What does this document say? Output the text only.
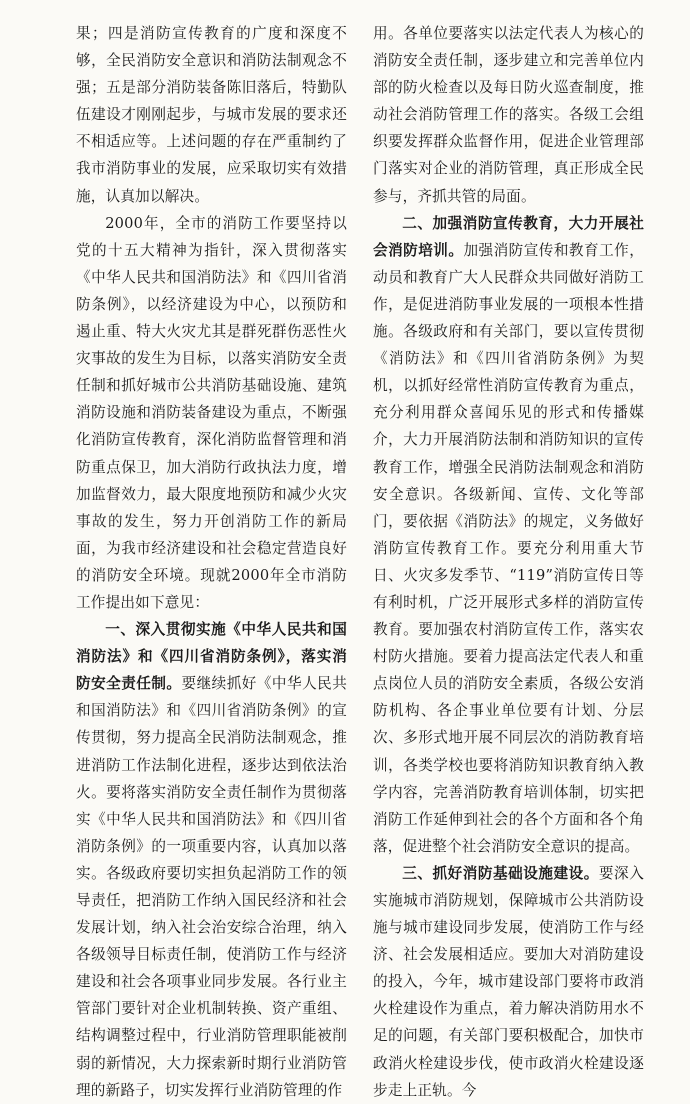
果；四是消防宣传教育的广度和深度不够，全民消防安全意识和消防法制观念不强；五是部分消防装备陈旧落后，特勤队伍建设才刚刚起步，与城市发展的要求还不相适应等。上述问题的存在严重制约了我市消防事业的发展，应采取切实有效措施，认真加以解决。

2000年，全市的消防工作要坚持以党的十五大精神为指针，深入贯彻落实《中华人民共和国消防法》和《四川省消防条例》，以经济建设为中心，以预防和遏止重、特大火灾尤其是群死群伤恶性火灾事故的发生为目标，以落实消防安全责任制和抓好城市公共消防基础设施、建筑消防设施和消防装备建设为重点，不断强化消防宣传教育，深化消防监督管理和消防重点保卫，加大消防行政执法力度，增加监督效力，最大限度地预防和减少火灾事故的发生，努力开创消防工作的新局面，为我市经济建设和社会稳定营造良好的消防安全环境。现就2000年全市消防工作提出如下意见：

一、深入贯彻实施《中华人民共和国消防法》和《四川省消防条例》，落实消防安全责任制。要继续抓好《中华人民共和国消防法》和《四川省消防条例》的宣传贯彻，努力提高全民消防法制观念，推进消防工作法制化进程，逐步达到依法治火。要将落实消防安全责任制作为贯彻落实《中华人民共和国消防法》和《四川省消防条例》的一项重要内容，认真加以落实。各级政府要切实担负起消防工作的领导责任，把消防工作纳入国民经济和社会发展计划，纳入社会治安综合治理，纳入各级领导目标责任制，使消防工作与经济建设和社会各项事业同步发展。各行业主管部门要针对企业机制转换、资产重组、结构调整过程中，行业消防管理职能被削弱的新情况，大力探索新时期行业消防管理的新路子，切实发挥行业消防管理的作

用。各单位要落实以法定代表人为核心的消防安全责任制，逐步建立和完善单位内部的防火检查以及每日防火巡查制度，推动社会消防管理工作的落实。各级工会组织要发挥群众监督作用，促进企业管理部门落实对企业的消防管理，真正形成全民参与，齐抓共管的局面。

二、加强消防宣传教育，大力开展社会消防培训。加强消防宣传和教育工作，动员和教育广大人民群众共同做好消防工作，是促进消防事业发展的一项根本性措施。各级政府和有关部门，要以宣传贯彻《消防法》和《四川省消防条例》为契机，以抓好经常性消防宣传教育为重点，充分利用群众喜闻乐见的形式和传播媒介，大力开展消防法制和消防知识的宣传教育工作，增强全民消防法制观念和消防安全意识。各级新闻、宣传、文化等部门，要依据《消防法》的规定，义务做好消防宣传教育工作。要充分利用重大节日、火灾多发季节、“119”消防宣传日等有利时机，广泛开展形式多样的消防宣传教育。要加强农村消防宣传工作，落实农村防火措施。要着力提高法定代表人和重点岗位人员的消防安全素质，各级公安消防机构、各企事业单位要有计划、分层次、多形式地开展不同层次的消防教育培训，各类学校也要将消防知识教育纳入教学内容，完善消防教育培训体制，切实把消防工作延伸到社会的各个方面和各个角落，促进整个社会消防安全意识的提高。

三、抓好消防基础设施建设。要深入实施城市消防规划，保障城市公共消防设施与城市建设同步发展，使消防工作与经济、社会发展相适应。要加大对消防建设的投入，今年，城市建设部门要将市政消火栓建设作为重点，着力解决消防用水不足的问题，有关部门要积极配合，加快市政消火栓建设步伐，使市政消火栓建设逐步走上正轨。今
